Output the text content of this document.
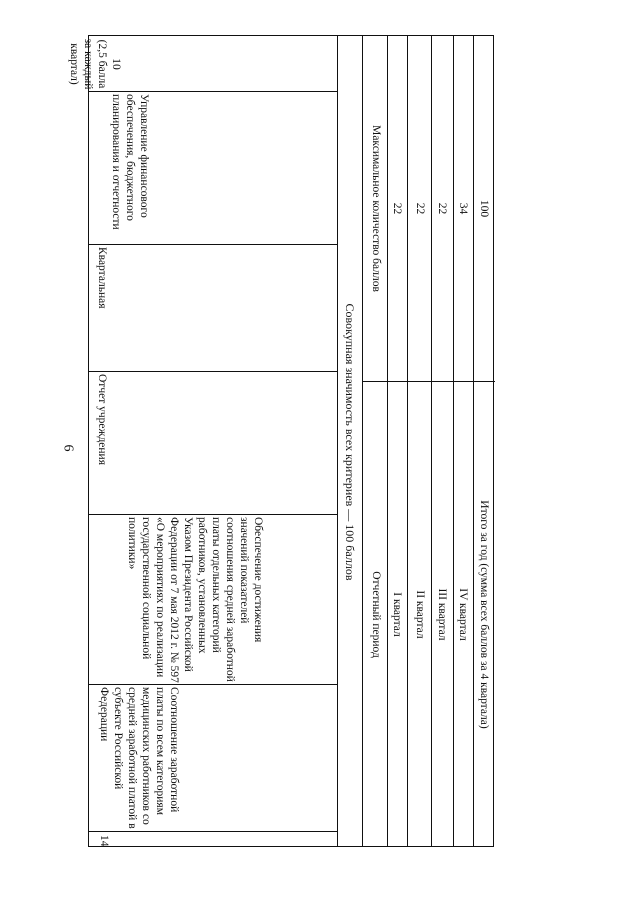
6
14
Соотношение заработной платы по всем категориям медицинских работников со средней заработной платой в субъекте Российской Федерации
Обеспечение достижения значений показателей соотношения средней заработной платы отдельных категорий работников, установленных Указом Президента Российской Федерации от 7 мая 2012 г. № 597 «О мероприятиях по реализации государственной социальной политики»
Отчет учреждения
Квартальная
Управление финансового обеспечения, бюджетного планирования и отчетности

10
(2,5 балла за каждый квартал)

Совокупная значимость всех критериев — 100 баллов
Отчетный период
Максимальное количество баллов
I квартал
22
II квартал
22
III квартал
22
IV квартал
34
Итого за год (сумма всех баллов за 4 квартала)
100
